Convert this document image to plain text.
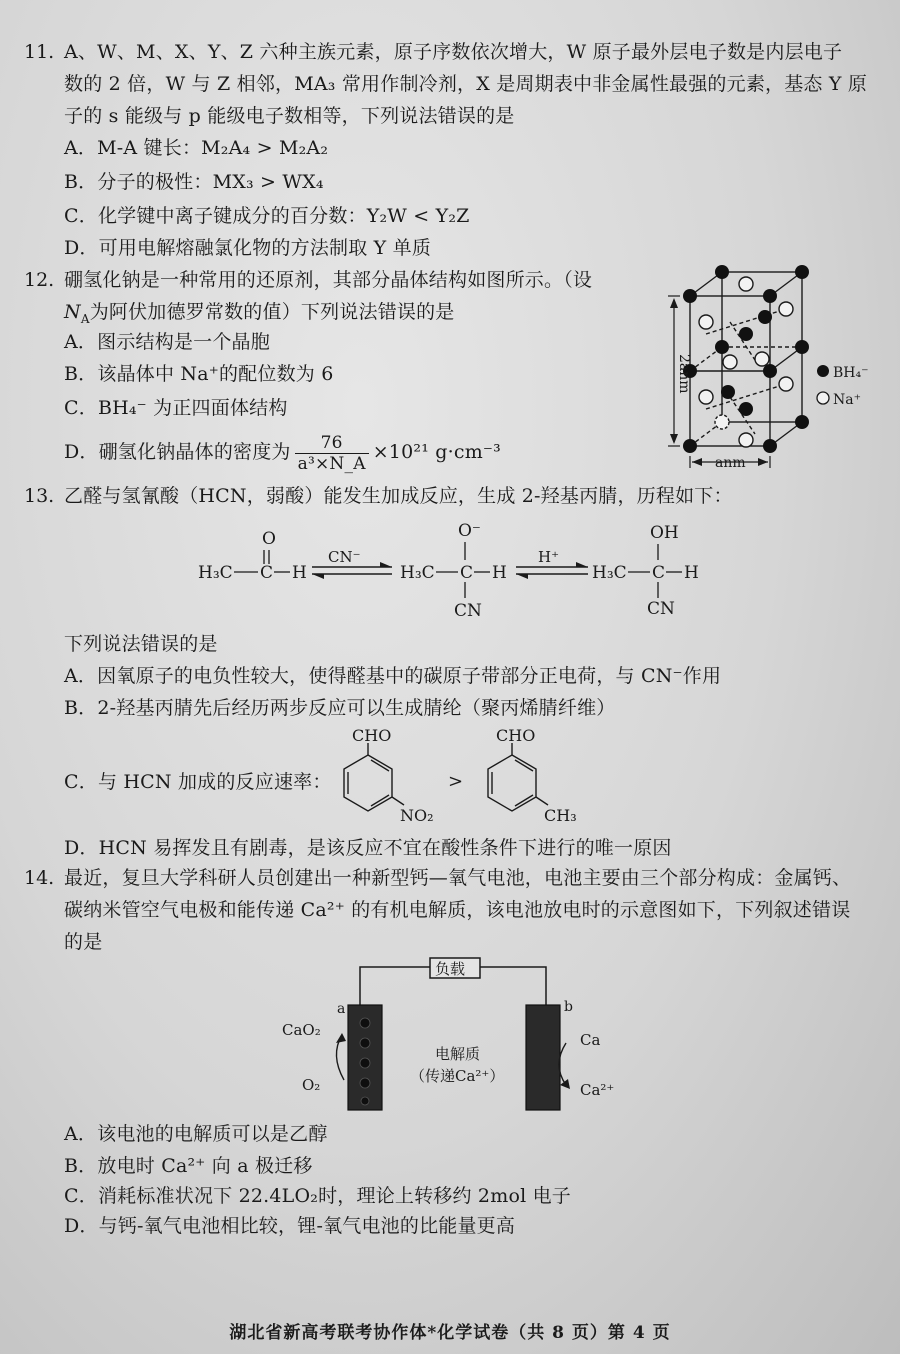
11. A、W、M、X、Y、Z 六种主族元素，原子序数依次增大，W 原子最外层电子数是内层电子
数的 2 倍，W 与 Z 相邻，MA₃ 常用作制冷剂，X 是周期表中非金属性最强的元素，基态 Y 原
子的 s 能级与 p 能级电子数相等，下列说法错误的是
A．M-A 键长：M₂A₄ > M₂A₂
B．分子的极性：MX₃ > WX₄
C．化学键中离子键成分的百分数：Y₂W < Y₂Z
D．可用电解熔融氯化物的方法制取 Y 单质
12. 硼氢化钠是一种常用的还原剂，其部分晶体结构如图所示。（设
$N_A$为阿伏加德罗常数的值）下列说法错误的是
A．图示结构是一个晶胞
B．该晶体中 Na⁺的配位数为 6
C．BH₄⁻ 为正四面体结构
D．硼氢化钠晶体的密度为 $\frac{76}{\text{a³×N\_A}} \times 10^{21}$ g·cm⁻³
2anm
anm
BH₄⁻
Na⁺
13. 乙醛与氢氰酸（HCN，弱酸）能发生加成反应，生成 2-羟基丙腈，历程如下：
O
H₃C C H
CN⁻
O⁻
H₃C C H
CN
H⁺
OH
H₃C C H
CN
下列说法错误的是
A．因氧原子的电负性较大，使得醛基中的碳原子带部分正电荷，与 CN⁻作用
B．2-羟基丙腈先后经历两步反应可以生成腈纶（聚丙烯腈纤维）
C．与 HCN 加成的反应速率：
CHO
NO₂
>
CHO
CH₃
D．HCN 易挥发且有剧毒，是该反应不宜在酸性条件下进行的唯一原因
14. 最近，复旦大学科研人员创建出一种新型钙—氧气电池，电池主要由三个部分构成：金属钙、
碳纳米管空气电极和能传递 Ca²⁺ 的有机电解质，该电池放电时的示意图如下，下列叙述错误
的是
负载
a	b
CaO₂
O₂
Ca
Ca²⁺
电解质
（传递Ca²⁺）
A．该电池的电解质可以是乙醇
B．放电时 Ca²⁺ 向 a 极迁移
C．消耗标准状况下 22.4LO₂时，理论上转移约 2mol 电子
D．与钙-氧气电池相比较，锂-氧气电池的比能量更高
湖北省新高考联考协作体*化学试卷（共 8 页）第 4 页
